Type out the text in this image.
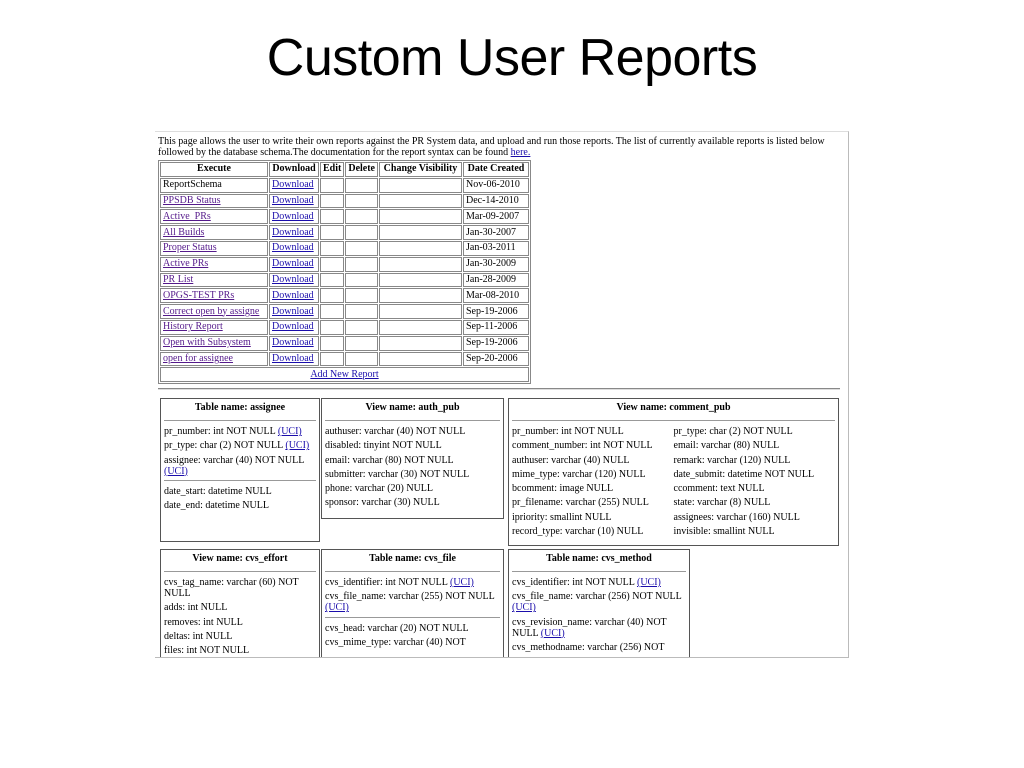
Custom User Reports
This page allows the user to write their own reports against the PR System data, and upload and run those reports. The list of currently available reports is listed below followed by the database schema.The documentation for the report syntax can be found here.
Execute	Download	Edit	Delete	Change Visibility	Date Created
ReportSchema	Download				Nov-06-2010
PPSDB Status	Download				Dec-14-2010
Active_PRs	Download				Mar-09-2007
All Builds	Download				Jan-30-2007
Proper Status	Download				Jan-03-2011
Active PRs	Download				Jan-30-2009
PR List	Download				Jan-28-2009
OPGS-TEST PRs	Download				Mar-08-2010
Correct open by assigne	Download				Sep-19-2006
History Report	Download				Sep-11-2006
Open with Subsystem	Download				Sep-19-2006
open for assignee	Download				Sep-20-2006
Add New Report					
Table name: assignee
pr_number: int NOT NULL (UCI)
pr_type: char (2) NOT NULL (UCI)
assignee: varchar (40) NOT NULL (UCI)
date_start: datetime NULL
date_end: datetime NULL
View name: auth_pub
authuser: varchar (40) NOT NULL
disabled: tinyint NOT NULL
email: varchar (80) NOT NULL
submitter: varchar (30) NOT NULL
phone: varchar (20) NULL
sponsor: varchar (30) NULL
View name: comment_pub
pr_number: int NOT NULL
comment_number: int NOT NULL
authuser: varchar (40) NULL
mime_type: varchar (120) NULL
bcomment: image NULL
pr_filename: varchar (255) NULL
ipriority: smallint NULL
record_type: varchar (10) NULL
pr_type: char (2) NOT NULL
email: varchar (80) NULL
remark: varchar (120) NULL
date_submit: datetime NOT NULL
ccomment: text NULL
state: varchar (8) NULL
assignees: varchar (160) NULL
invisible: smallint NULL
View name: cvs_effort
cvs_tag_name: varchar (60) NOT NULL
adds: int NULL
removes: int NULL
deltas: int NULL
files: int NOT NULL
Table name: cvs_file
cvs_identifier: int NOT NULL (UCI)
cvs_file_name: varchar (255) NOT NULL (UCI)
cvs_head: varchar (20) NOT NULL
cvs_mime_type: varchar (40) NOT
Table name: cvs_method
cvs_identifier: int NOT NULL (UCI)
cvs_file_name: varchar (256) NOT NULL (UCI)
cvs_revision_name: varchar (40) NOT NULL (UCI)
cvs_methodname: varchar (256) NOT
